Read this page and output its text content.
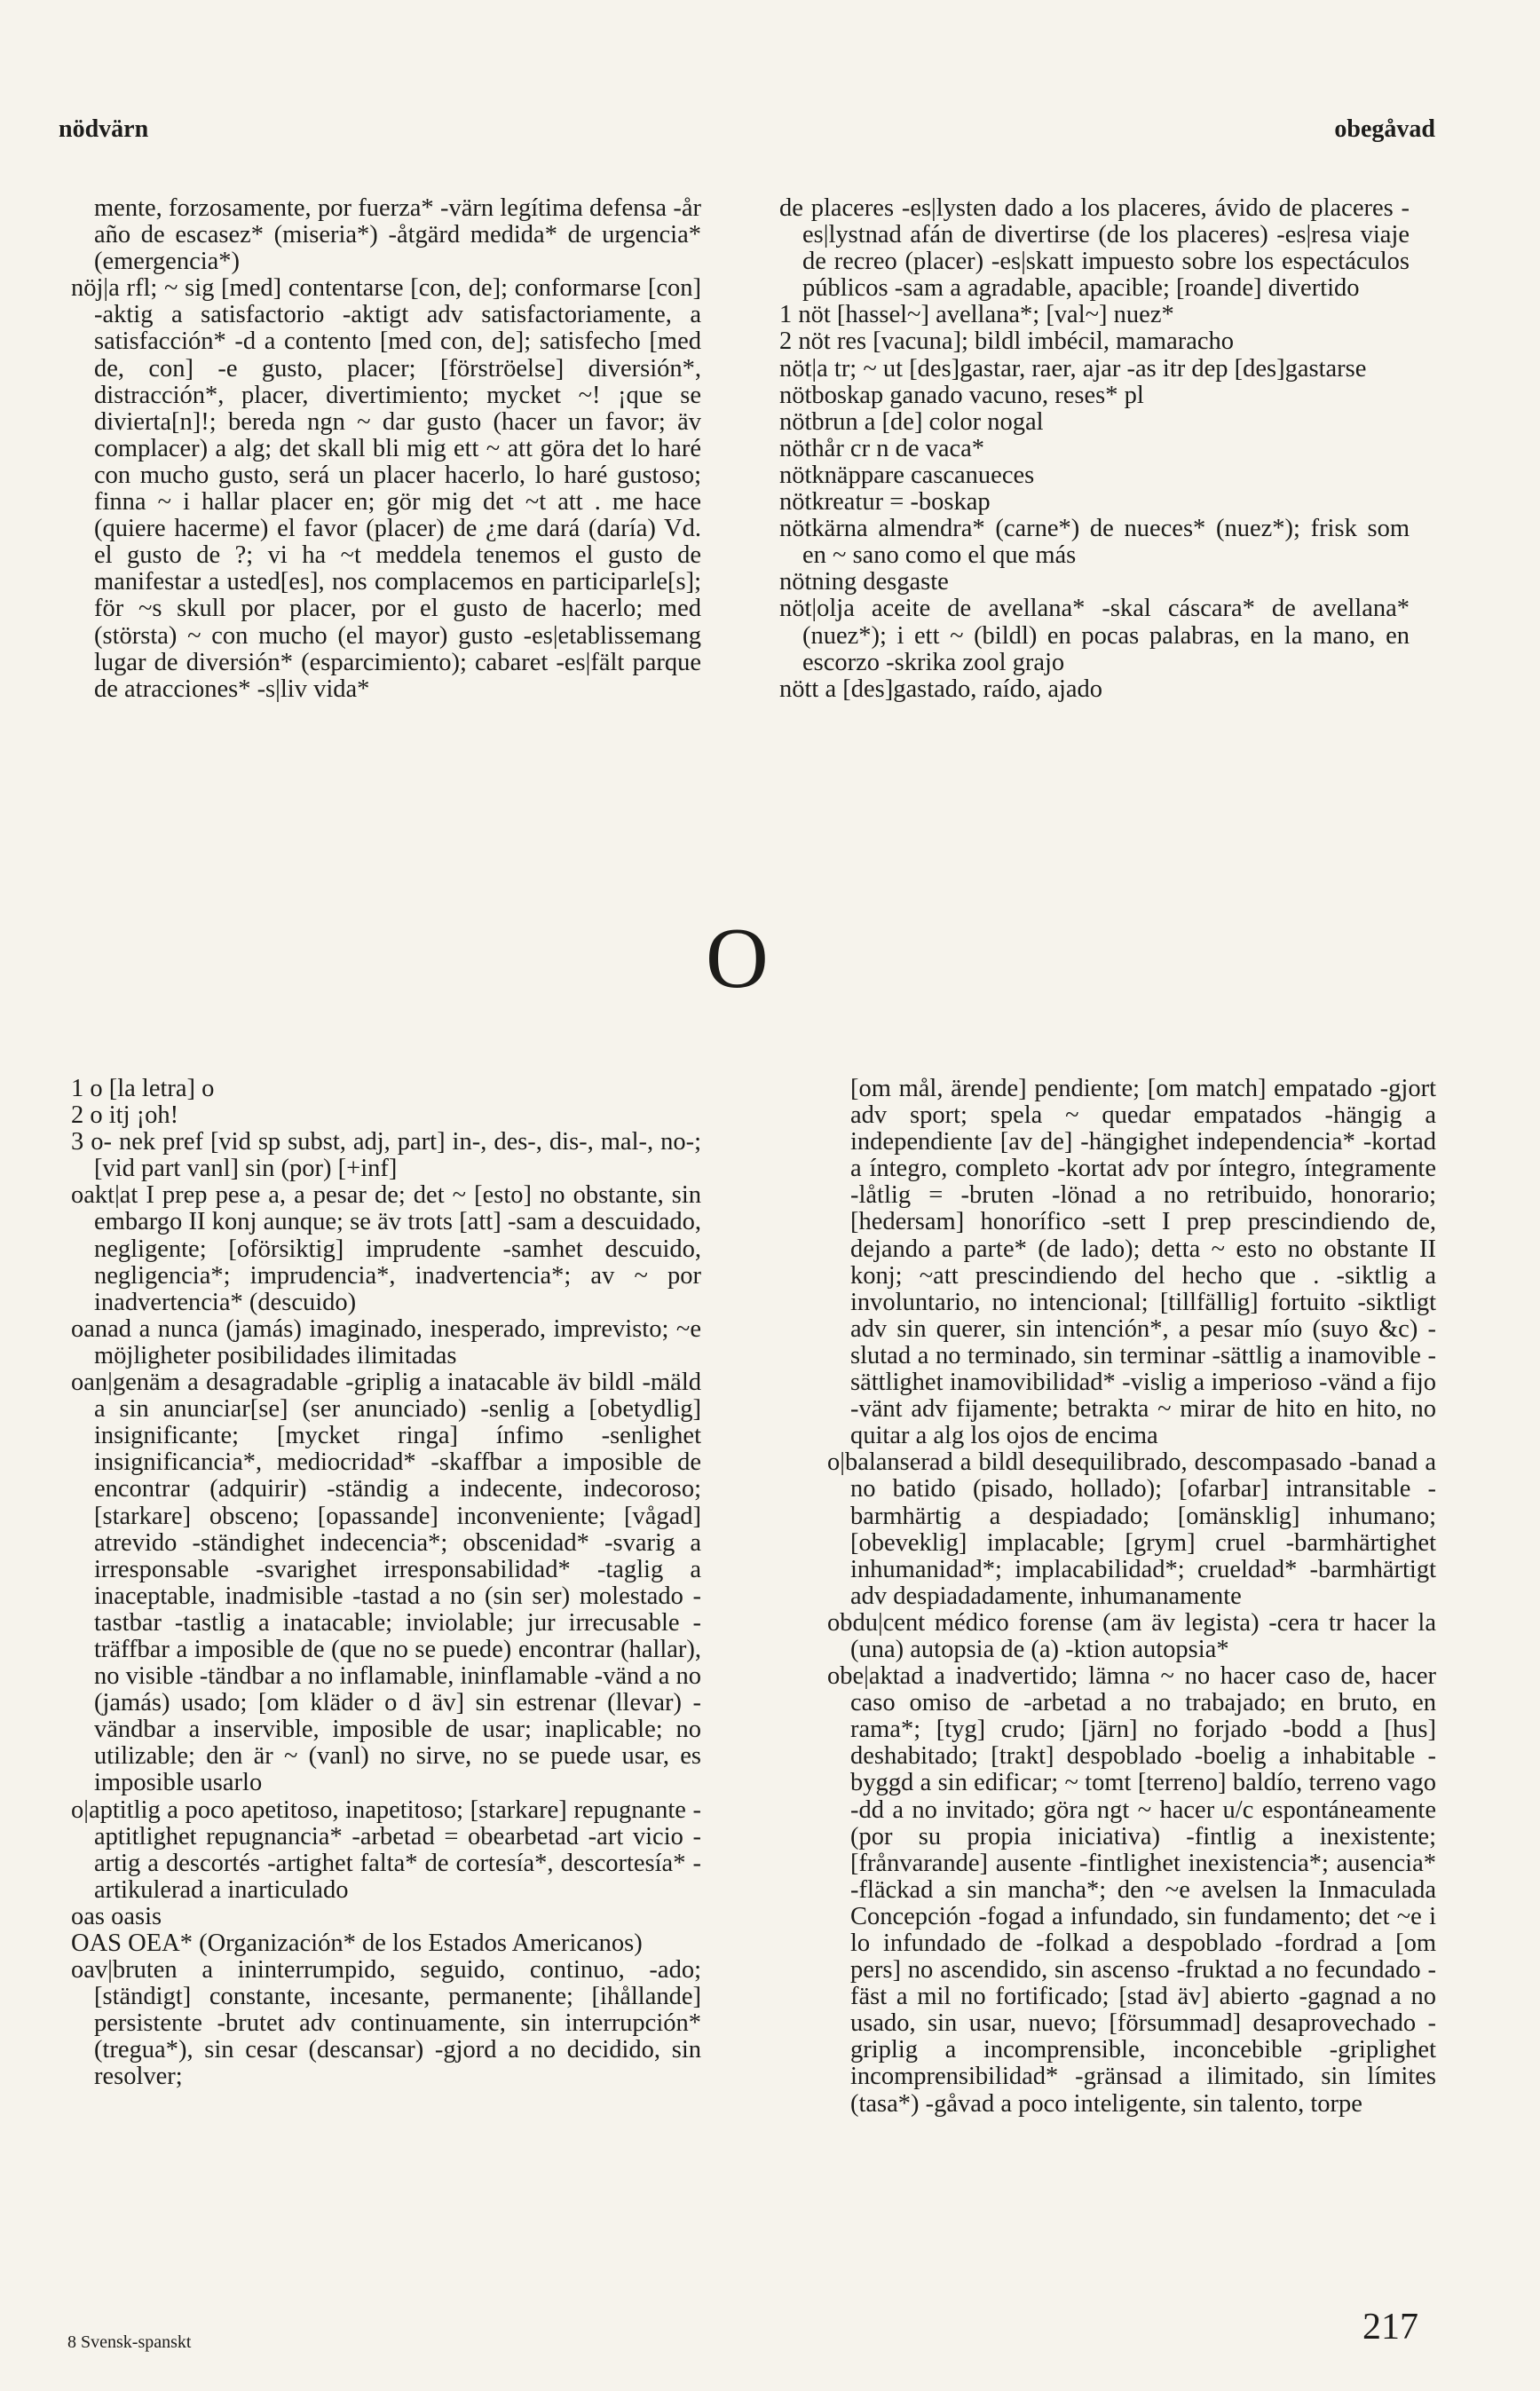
nödvärn	obegåvad

mente, forzosamente, por fuerza* -värn legítima defensa -år año de escasez* (miseria*) -åtgärd medida* de urgencia* (emergencia*)

nöj|a rfl; ~ sig [med] contentarse [con, de]; conformarse [con] -aktig a satisfactorio -aktigt adv satisfactoriamente, a satisfacción* -d a contento [med con, de]; satisfecho [med de, con] -e gusto, placer; [förströelse] diversión*, distracción*, placer, divertimiento; mycket ~! ¡que se divierta[n]!; bereda ngn ~ dar gusto (hacer un favor; äv complacer) a alg; det skall bli mig ett ~ att göra det lo haré con mucho gusto, será un placer hacerlo, lo haré gustoso; finna ~ i hallar placer en; gör mig det ~t att . me hace (quiere hacerme) el favor (placer) de ¿me dará (daría) Vd. el gusto de ?; vi ha ~t meddela tenemos el gusto de manifestar a usted[es], nos complacemos en participarle[s]; för ~s skull por placer, por el gusto de hacerlo; med (största) ~ con mucho (el mayor) gusto -es|etablissemang lugar de diversión* (esparcimiento); cabaret -es|fält parque de atracciones* -s|liv vida*

de placeres -es|lysten dado a los placeres, ávido de placeres -es|lystnad afán de divertirse (de los placeres) -es|resa viaje de recreo (placer) -es|skatt impuesto sobre los espectáculos públicos -sam a agradable, apacible; [roande] divertido

1 nöt [hassel~] avellana*; [val~] nuez*

2 nöt res [vacuna]; bildl imbécil, mamaracho

nöt|a tr; ~ ut [des]gastar, raer, ajar -as itr dep [des]gastarse

nötboskap ganado vacuno, reses* pl

nötbrun a [de] color nogal

nöthår cr n de vaca*

nötknäppare cascanueces

nötkreatur = -boskap

nötkärna almendra* (carne*) de nueces* (nuez*); frisk som en ~ sano como el que más

nötning desgaste

nöt|olja aceite de avellana* -skal cáscara* de avellana* (nuez*); i ett ~ (bildl) en pocas palabras, en la mano, en escorzo -skrika zool grajo

nött a [des]gastado, raído, ajado

O

1 o [la letra] o

2 o itj ¡oh!

3 o- nek pref [vid sp subst, adj, part] in-, des-, dis-, mal-, no-; [vid part vanl] sin (por) [+inf]

oakt|at I prep pese a, a pesar de; det ~ [esto] no obstante, sin embargo II konj aunque; se äv trots [att] -sam a descuidado, negligente; [oförsiktig] imprudente -samhet descuido, negligencia*; imprudencia*, inadvertencia*; av ~ por inadvertencia* (descuido)

oanad a nunca (jamás) imaginado, inesperado, imprevisto; ~e möjligheter posibilidades ilimitadas

oan|genäm a desagradable -griplig a inatacable äv bildl -mäld a sin anunciar[se] (ser anunciado) -senlig a [obetydlig] insignificante; [mycket ringa] ínfimo -senlighet insignificancia*, mediocridad* -skaffbar a imposible de encontrar (adquirir) -ständig a indecente, indecoroso; [starkare] obsceno; [opassande] inconveniente; [vågad] atrevido -ständighet indecencia*; obscenidad* -svarig a irresponsable -svarighet irresponsabilidad* -taglig a inaceptable, inadmisible -tastad a no (sin ser) molestado -tastbar -tastlig a inatacable; inviolable; jur irrecusable -träffbar a imposible de (que no se puede) encontrar (hallar), no visible -tändbar a no inflamable, ininflamable -vänd a no (jamás) usado; [om kläder o d äv] sin estrenar (llevar) -vändbar a inservible, imposible de usar; inaplicable; no utilizable; den är ~ (vanl) no sirve, no se puede usar, es imposible usarlo

o|aptitlig a poco apetitoso, inapetitoso; [starkare] repugnante -aptitlighet repugnancia* -arbetad = obearbetad -art vicio -artig a descortés -artighet falta* de cortesía*, descortesía* -artikulerad a inarticulado

oas oasis

OAS OEA* (Organización* de los Estados Americanos)

oav|bruten a ininterrumpido, seguido, continuo, -ado; [ständigt] constante, incesante, permanente; [ihållande] persistente -brutet adv continuamente, sin interrupción* (tregua*), sin cesar (descansar) -gjord a no decidido, sin resolver;

[om mål, ärende] pendiente; [om match] empatado -gjort adv sport; spela ~ quedar empatados -hängig a independiente [av de] -hängighet independencia* -kortad a íntegro, completo -kortat adv por íntegro, íntegramente -låtlig = -bruten -lönad a no retribuido, honorario; [hedersam] honorífico -sett I prep prescindiendo de, dejando a parte* (de lado); detta ~ esto no obstante II konj; ~att prescindiendo del hecho que . -siktlig a involuntario, no intencional; [tillfällig] fortuito -siktligt adv sin querer, sin intención*, a pesar mío (suyo &c) -slutad a no terminado, sin terminar -sättlig a inamovible -sättlighet inamovibilidad* -vislig a imperioso -vänd a fijo -vänt adv fijamente; betrakta ~ mirar de hito en hito, no quitar a alg los ojos de encima

o|balanserad a bildl desequilibrado, descompasado -banad a no batido (pisado, hollado); [ofarbar] intransitable -barmhärtig a despiadado; [omänsklig] inhumano; [obeveklig] implacable; [grym] cruel -barmhärtighet inhumanidad*; implacabilidad*; crueldad* -barmhärtigt adv despiadadamente, inhumanamente

obdu|cent médico forense (am äv legista) -cera tr hacer la (una) autopsia de (a) -ktion autopsia*

obe|aktad a inadvertido; lämna ~ no hacer caso de, hacer caso omiso de -arbetad a no trabajado; en bruto, en rama*; [tyg] crudo; [järn] no forjado -bodd a [hus] deshabitado; [trakt] despoblado -boelig a inhabitable -byggd a sin edificar; ~ tomt [terreno] baldío, terreno vago -dd a no invitado; göra ngt ~ hacer u/c espontáneamente (por su propia iniciativa) -fintlig a inexistente; [frånvarande] ausente -fintlighet inexistencia*; ausencia* -fläckad a sin mancha*; den ~e avelsen la Inmaculada Concepción -fogad a infundado, sin fundamento; det ~e i lo infundado de -folkad a despoblado -fordrad a [om pers] no ascendido, sin ascenso -fruktad a no fecundado -fäst a mil no fortificado; [stad äv] abierto -gagnad a no usado, sin usar, nuevo; [försummad] desaprovechado -griplig a incomprensible, inconcebible -griplighet incomprensibilidad* -gränsad a ilimitado, sin límites (tasa*) -gåvad a poco inteligente, sin talento, torpe

8 Svensk-spanskt	217
